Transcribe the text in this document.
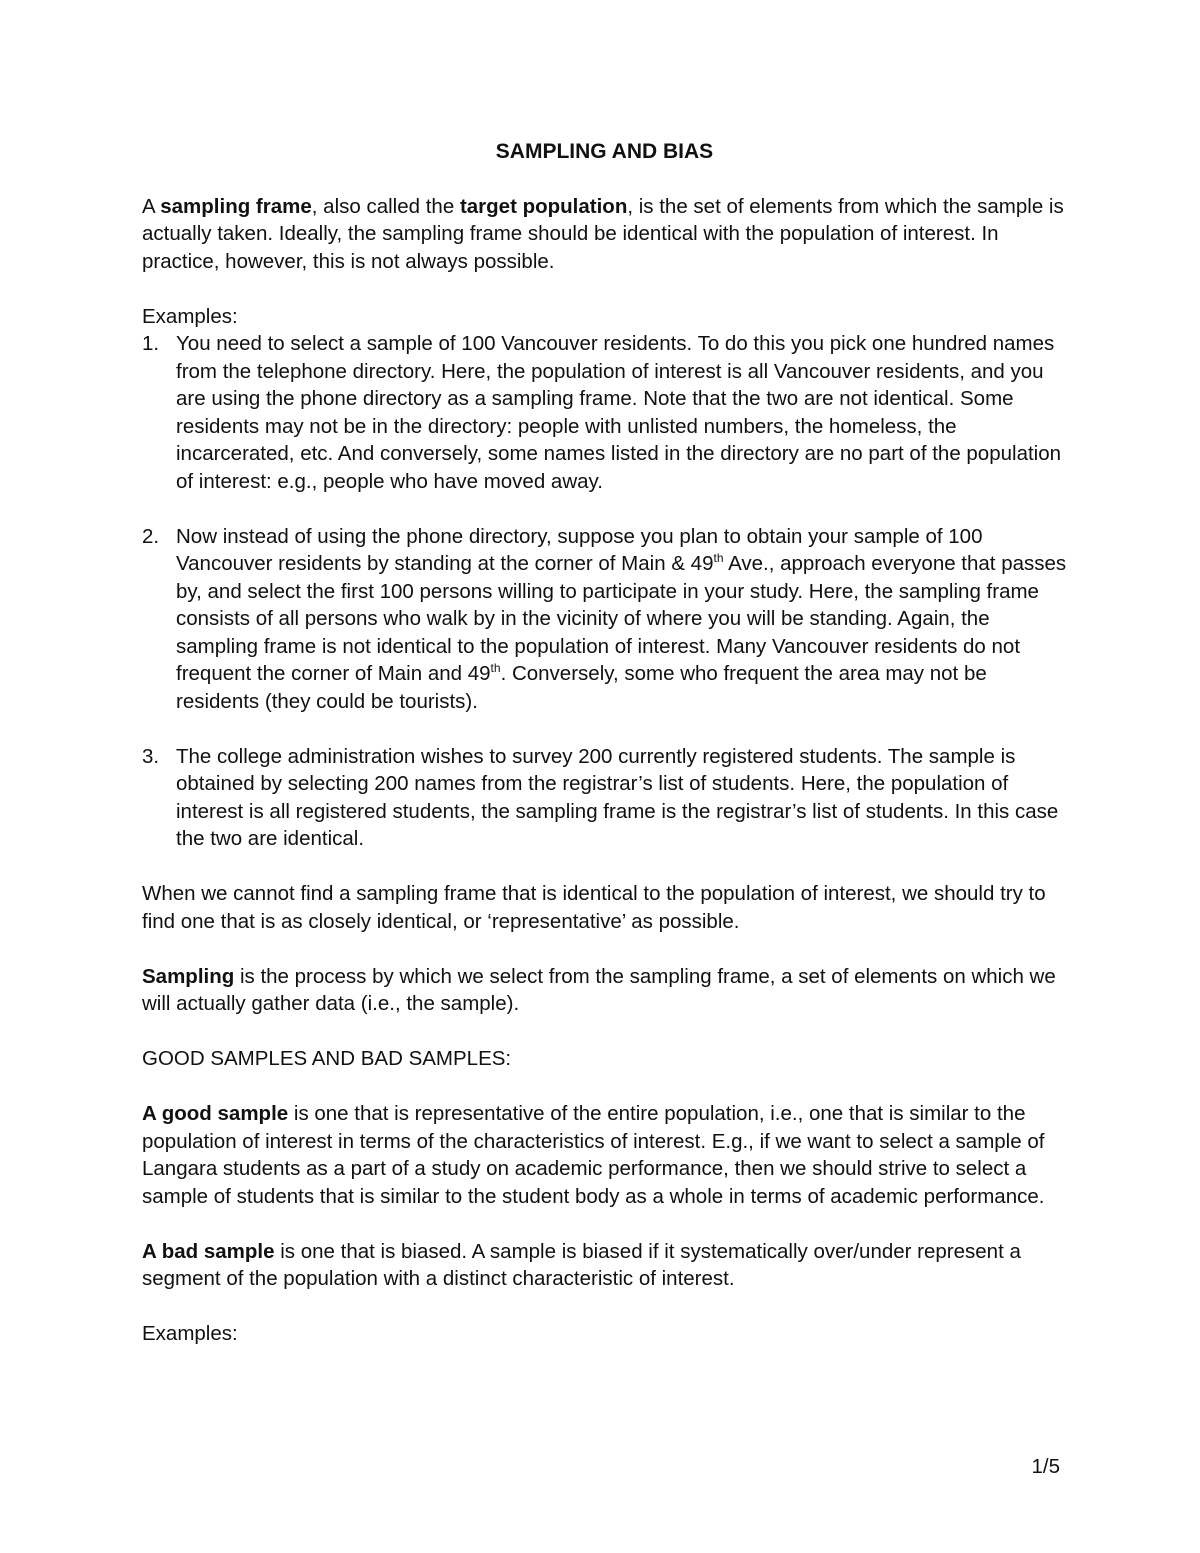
SAMPLING AND BIAS

A sampling frame, also called the target population, is the set of elements from which the sample is actually taken. Ideally, the sampling frame should be identical with the population of interest. In practice, however, this is not always possible.

Examples:

1. You need to select a sample of 100 Vancouver residents. To do this you pick one hundred names from the telephone directory. Here, the population of interest is all Vancouver residents, and you are using the phone directory as a sampling frame. Note that the two are not identical. Some residents may not be in the directory: people with unlisted numbers, the homeless, the incarcerated, etc. And conversely, some names listed in the directory are no part of the population of interest: e.g., people who have moved away.
2. Now instead of using the phone directory, suppose you plan to obtain your sample of 100 Vancouver residents by standing at the corner of Main & 49th Ave., approach everyone that passes by, and select the first 100 persons willing to participate in your study. Here, the sampling frame consists of all persons who walk by in the vicinity of where you will be standing. Again, the sampling frame is not identical to the population of interest. Many Vancouver residents do not frequent the corner of Main and 49th. Conversely, some who frequent the area may not be residents (they could be tourists).
3. The college administration wishes to survey 200 currently registered students. The sample is obtained by selecting 200 names from the registrar’s list of students. Here, the population of interest is all registered students, the sampling frame is the registrar’s list of students. In this case the two are identical.

When we cannot find a sampling frame that is identical to the population of interest, we should try to find one that is as closely identical, or ‘representative’ as possible.

Sampling is the process by which we select from the sampling frame, a set of elements on which we will actually gather data (i.e., the sample).

GOOD SAMPLES AND BAD SAMPLES:

A good sample is one that is representative of the entire population, i.e., one that is similar to the population of interest in terms of the characteristics of interest. E.g., if we want to select a sample of Langara students as a part of a study on academic performance, then we should strive to select a sample of students that is similar to the student body as a whole in terms of academic performance.

A bad sample is one that is biased. A sample is biased if it systematically over/under represent a segment of the population with a distinct characteristic of interest.

Examples:

1/5
